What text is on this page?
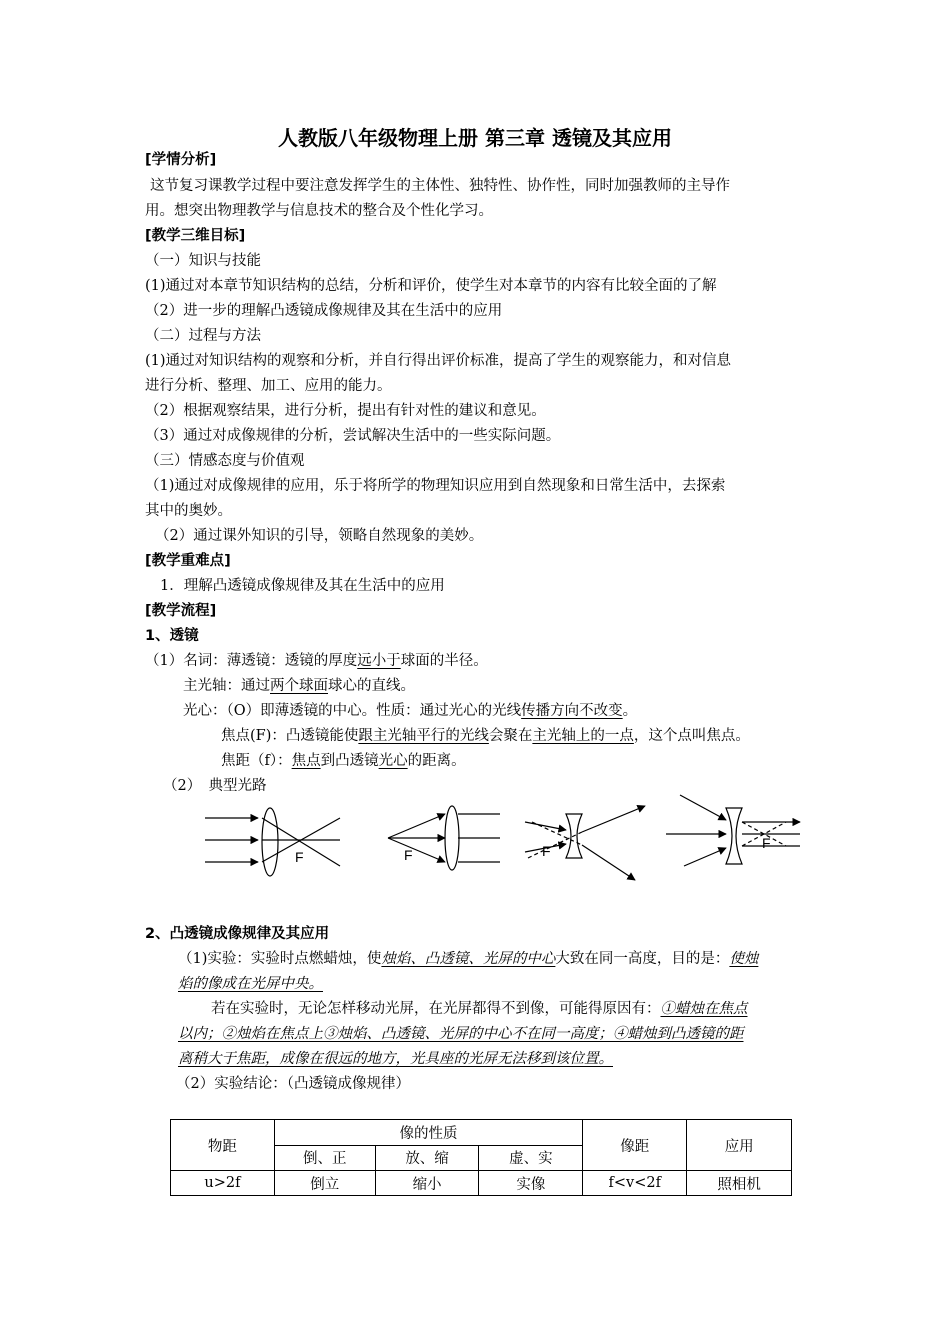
人教版八年级物理上册 第三章 透镜及其应用
[学情分析]
这节复习课教学过程中要注意发挥学生的主体性、独特性、协作性，同时加强教师的主导作
用。想突出物理教学与信息技术的整合及个性化学习。
[教学三维目标]
（一）知识与技能
(1)通过对本章节知识结构的总结，分析和评价，使学生对本章节的内容有比较全面的了解
（2）进一步的理解凸透镜成像规律及其在生活中的应用
（二）过程与方法
(1)通过对知识结构的观察和分析，并自行得出评价标准，提高了学生的观察能力，和对信息
进行分析、整理、加工、应用的能力。
（2）根据观察结果，进行分析，提出有针对性的建议和意见。
（3）通过对成像规律的分析，尝试解决生活中的一些实际问题。
（三）情感态度与价值观
（1)通过对成像规律的应用，乐于将所学的物理知识应用到自然现象和日常生活中，去探索
其中的奥妙。
（2）通过课外知识的引导，领略自然现象的美妙。
[教学重难点]
1．理解凸透镜成像规律及其在生活中的应用
[教学流程]
1、透镜
（1）名词：薄透镜：透镜的厚度远小于球面的半径。
主光轴：通过两个球面球心的直线。
光心：（O）即薄透镜的中心。性质：通过光心的光线传播方向不改变。
焦点(F)：凸透镜能使跟主光轴平行的光线会聚在主光轴上的一点，这个点叫焦点。
焦距（f）：焦点到凸透镜光心的距离。
（2）　典型光路
F	F	F	F
2、凸透镜成像规律及其应用
（1)实验：实验时点燃蜡烛，使烛焰、凸透镜、光屏的中心大致在同一高度，目的是：使烛
焰的像成在光屏中央。
若在实验时，无论怎样移动光屏，在光屏都得不到像，可能得原因有：①蜡烛在焦点
以内；②烛焰在焦点上③烛焰、凸透镜、光屏的中心不在同一高度；④蜡烛到凸透镜的距
离稍大于焦距，成像在很远的地方，光具座的光屏无法移到该位置。
（2）实验结论：（凸透镜成像规律）
物距	像的性质			像距	应用
	倒、正	放、缩	虚、实		
u>2f	倒立	缩小	实像	f<v<2f	照相机
